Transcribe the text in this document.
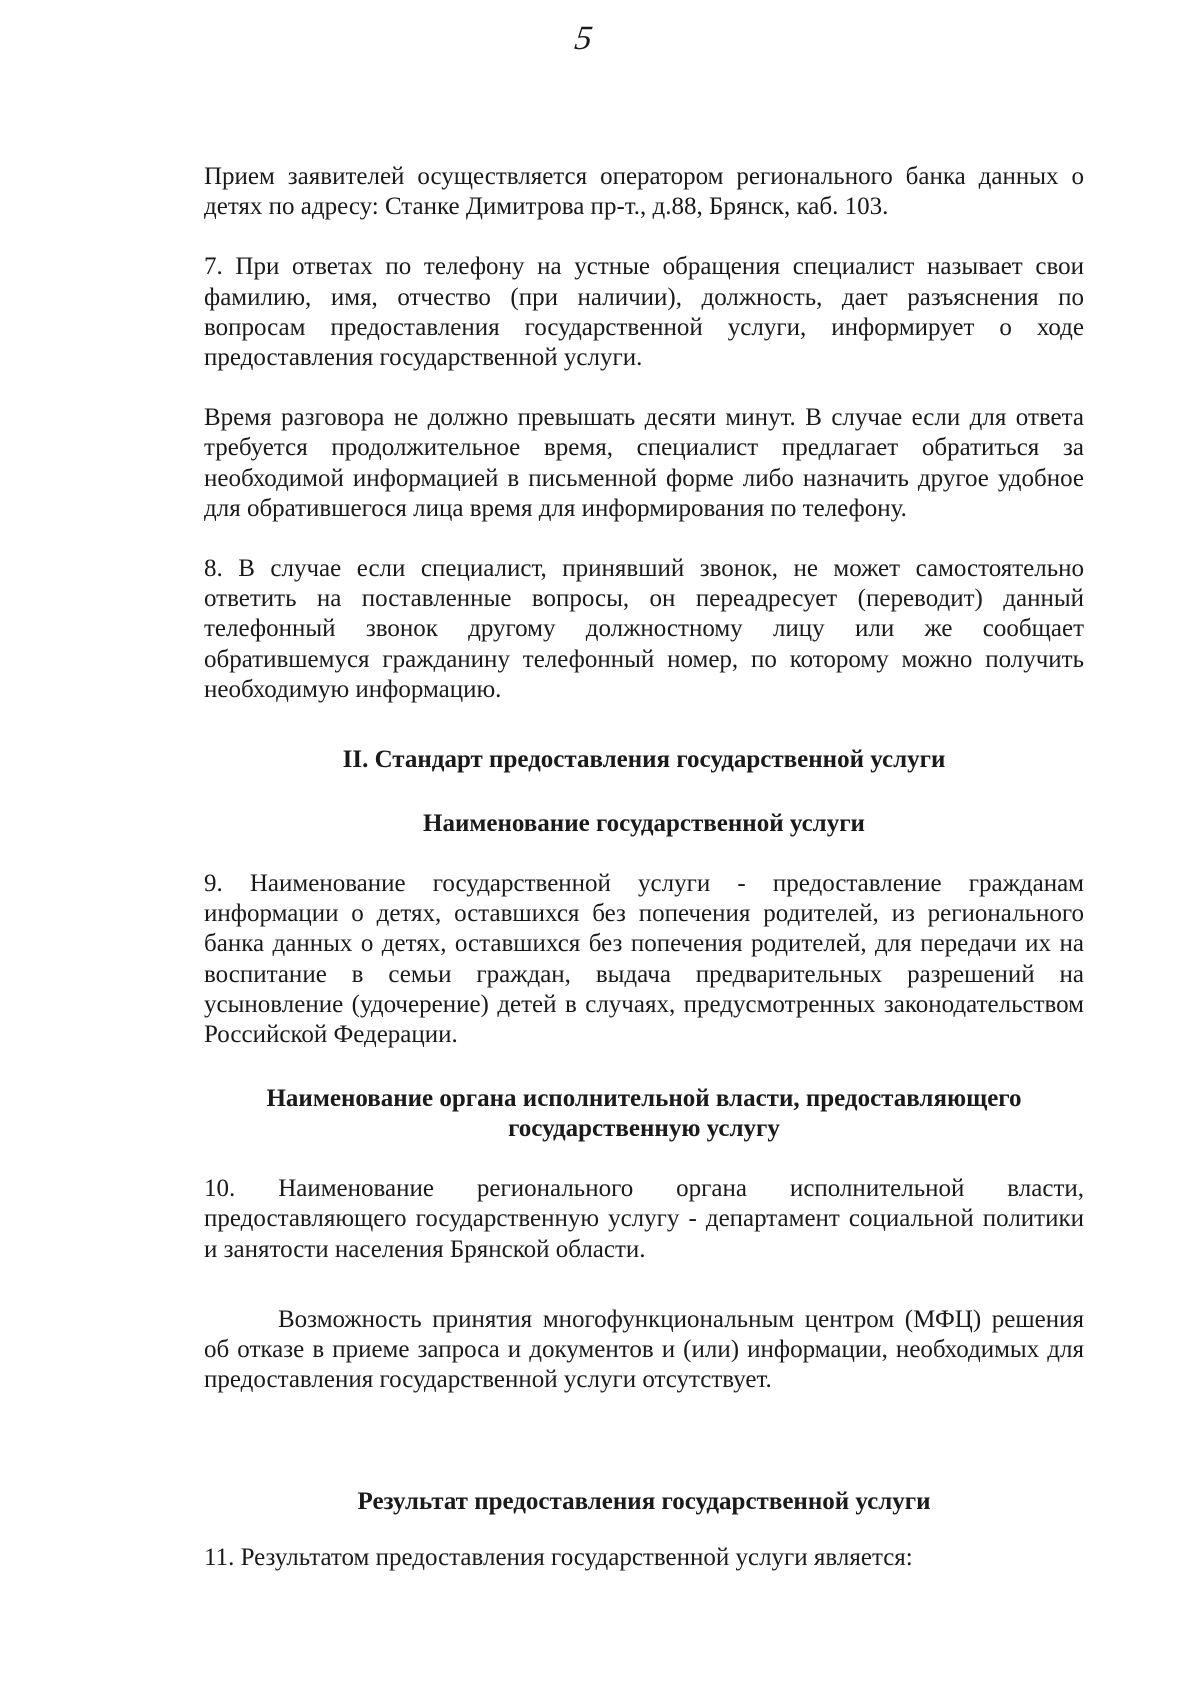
5

Прием заявителей осуществляется оператором регионального банка данных о детях по адресу: Станке Димитрова пр-т., д.88, Брянск, каб. 103.

7. При ответах по телефону на устные обращения специалист называет свои фамилию, имя, отчество (при наличии), должность, дает разъяснения по вопросам предоставления государственной услуги, информирует о ходе предоставления государственной услуги.

Время разговора не должно превышать десяти минут. В случае если для ответа требуется продолжительное время, специалист предлагает обратиться за необходимой информацией в письменной форме либо назначить другое удобное для обратившегося лица время для информирования по телефону.

8. В случае если специалист, принявший звонок, не может самостоятельно ответить на поставленные вопросы, он переадресует (переводит) данный телефонный звонок другому должностному лицу или же сообщает обратившемуся гражданину телефонный номер, по которому можно получить необходимую информацию.

II. Стандарт предоставления государственной услуги

Наименование государственной услуги

9. Наименование государственной услуги - предоставление гражданам информации о детях, оставшихся без попечения родителей, из регионального банка данных о детях, оставшихся без попечения родителей, для передачи их на воспитание в семьи граждан, выдача предварительных разрешений на усыновление (удочерение) детей в случаях, предусмотренных законодательством Российской Федерации.

Наименование органа исполнительной власти, предоставляющего

государственную услугу

10. Наименование регионального органа исполнительной власти, предоставляющего государственную услугу - департамент социальной политики и занятости населения Брянской области.

Возможность принятия многофункциональным центром (МФЦ) решения об отказе в приеме запроса и документов и (или) информации, необходимых для предоставления государственной услуги отсутствует.

Результат предоставления государственной услуги

11. Результатом предоставления государственной услуги является:
